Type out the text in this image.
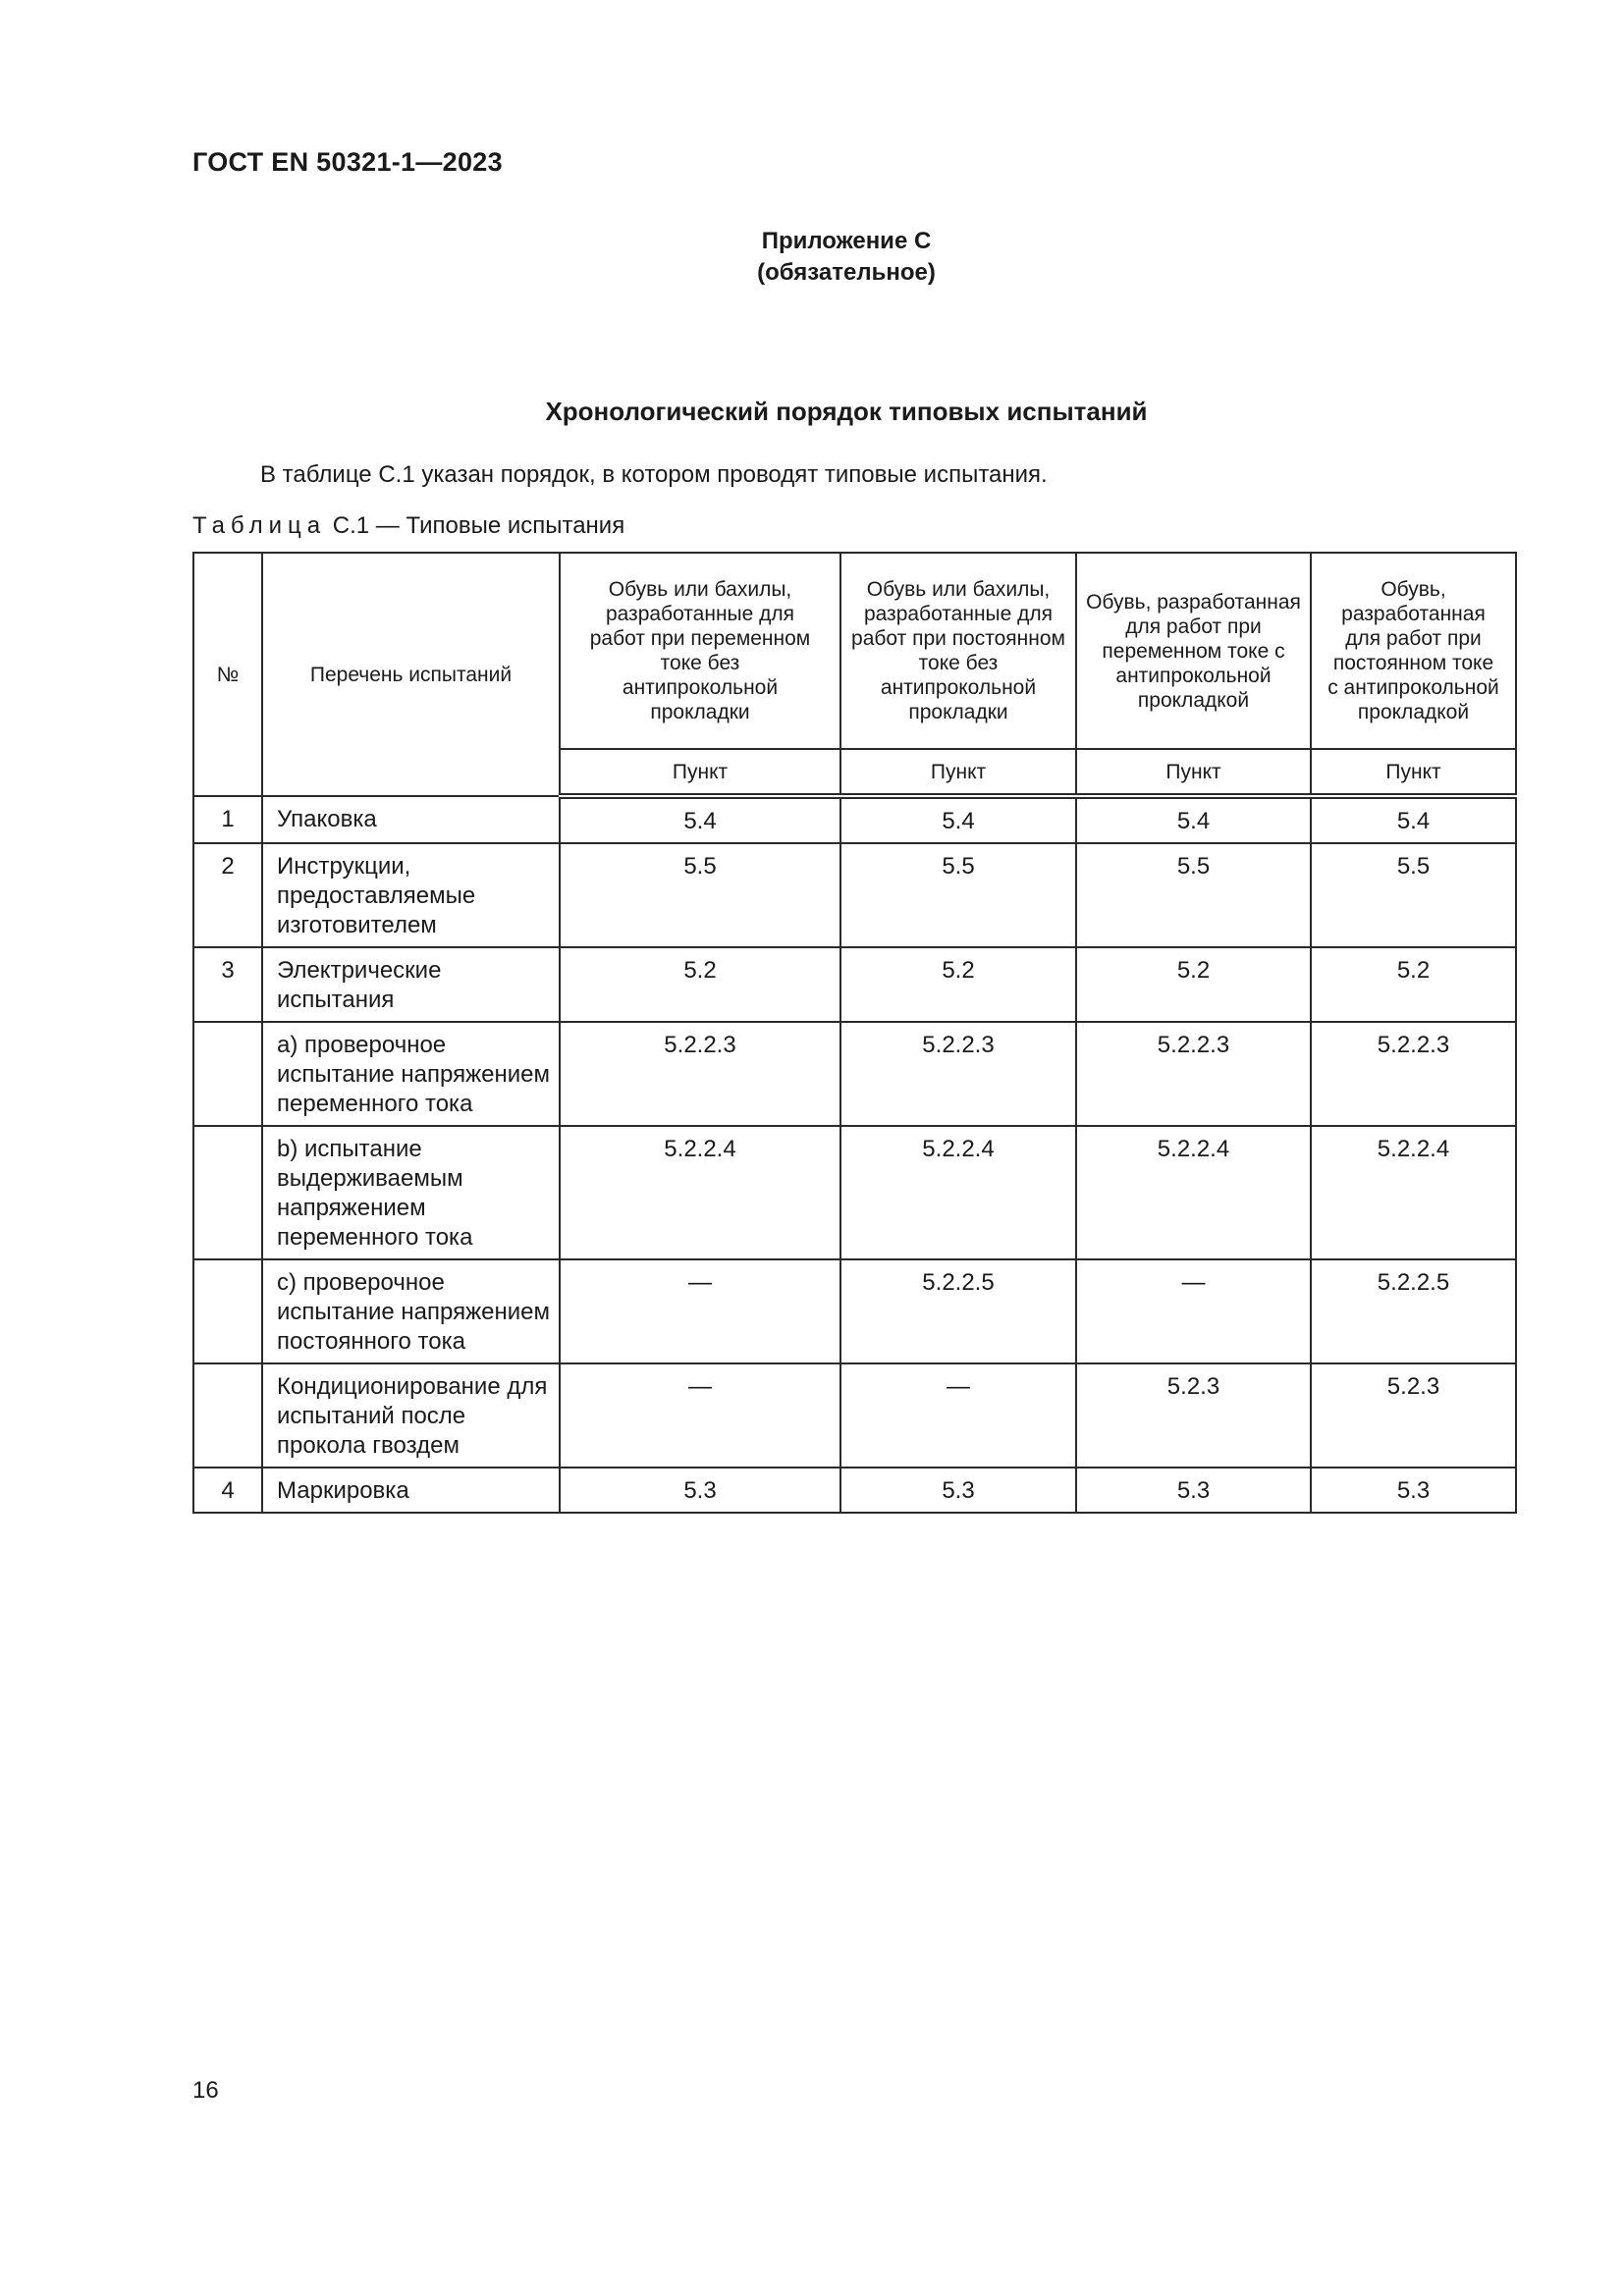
ГОСТ EN 50321-1—2023
Приложение С
(обязательное)
Хронологический порядок типовых испытаний
В таблице С.1 указан порядок, в котором проводят типовые испытания.
Таблица С.1 — Типовые испытания
№	Перечень испытаний	Обувь или бахилы, разработанные для работ при переменном токе без антипрокольной прокладки	Обувь или бахилы, разработанные для работ при постоянном токе без антипрокольной прокладки	Обувь, разработанная для работ при переменном токе с антипрокольной прокладкой	Обувь, разработанная для работ при постоянном токе с антипрокольной прокладкой

		Пункт	Пункт	Пункт	Пункт
1	Упаковка	5.4	5.4	5.4	5.4
2	Инструкции, предоставляемые изготовителем	5.5	5.5	5.5	5.5
3	Электрические испытания	5.2	5.2	5.2	5.2
	а) проверочное испытание напряжением переменного тока	5.2.2.3	5.2.2.3	5.2.2.3	5.2.2.3
	b) испытание выдерживаемым напряжением переменного тока	5.2.2.4	5.2.2.4	5.2.2.4	5.2.2.4
	c) проверочное испытание напряжением постоянного тока	—	5.2.2.5	—	5.2.2.5
	Кондиционирование для испытаний после прокола гвоздем	—	—	5.2.3	5.2.3
4	Маркировка	5.3	5.3	5.3	5.3
16
